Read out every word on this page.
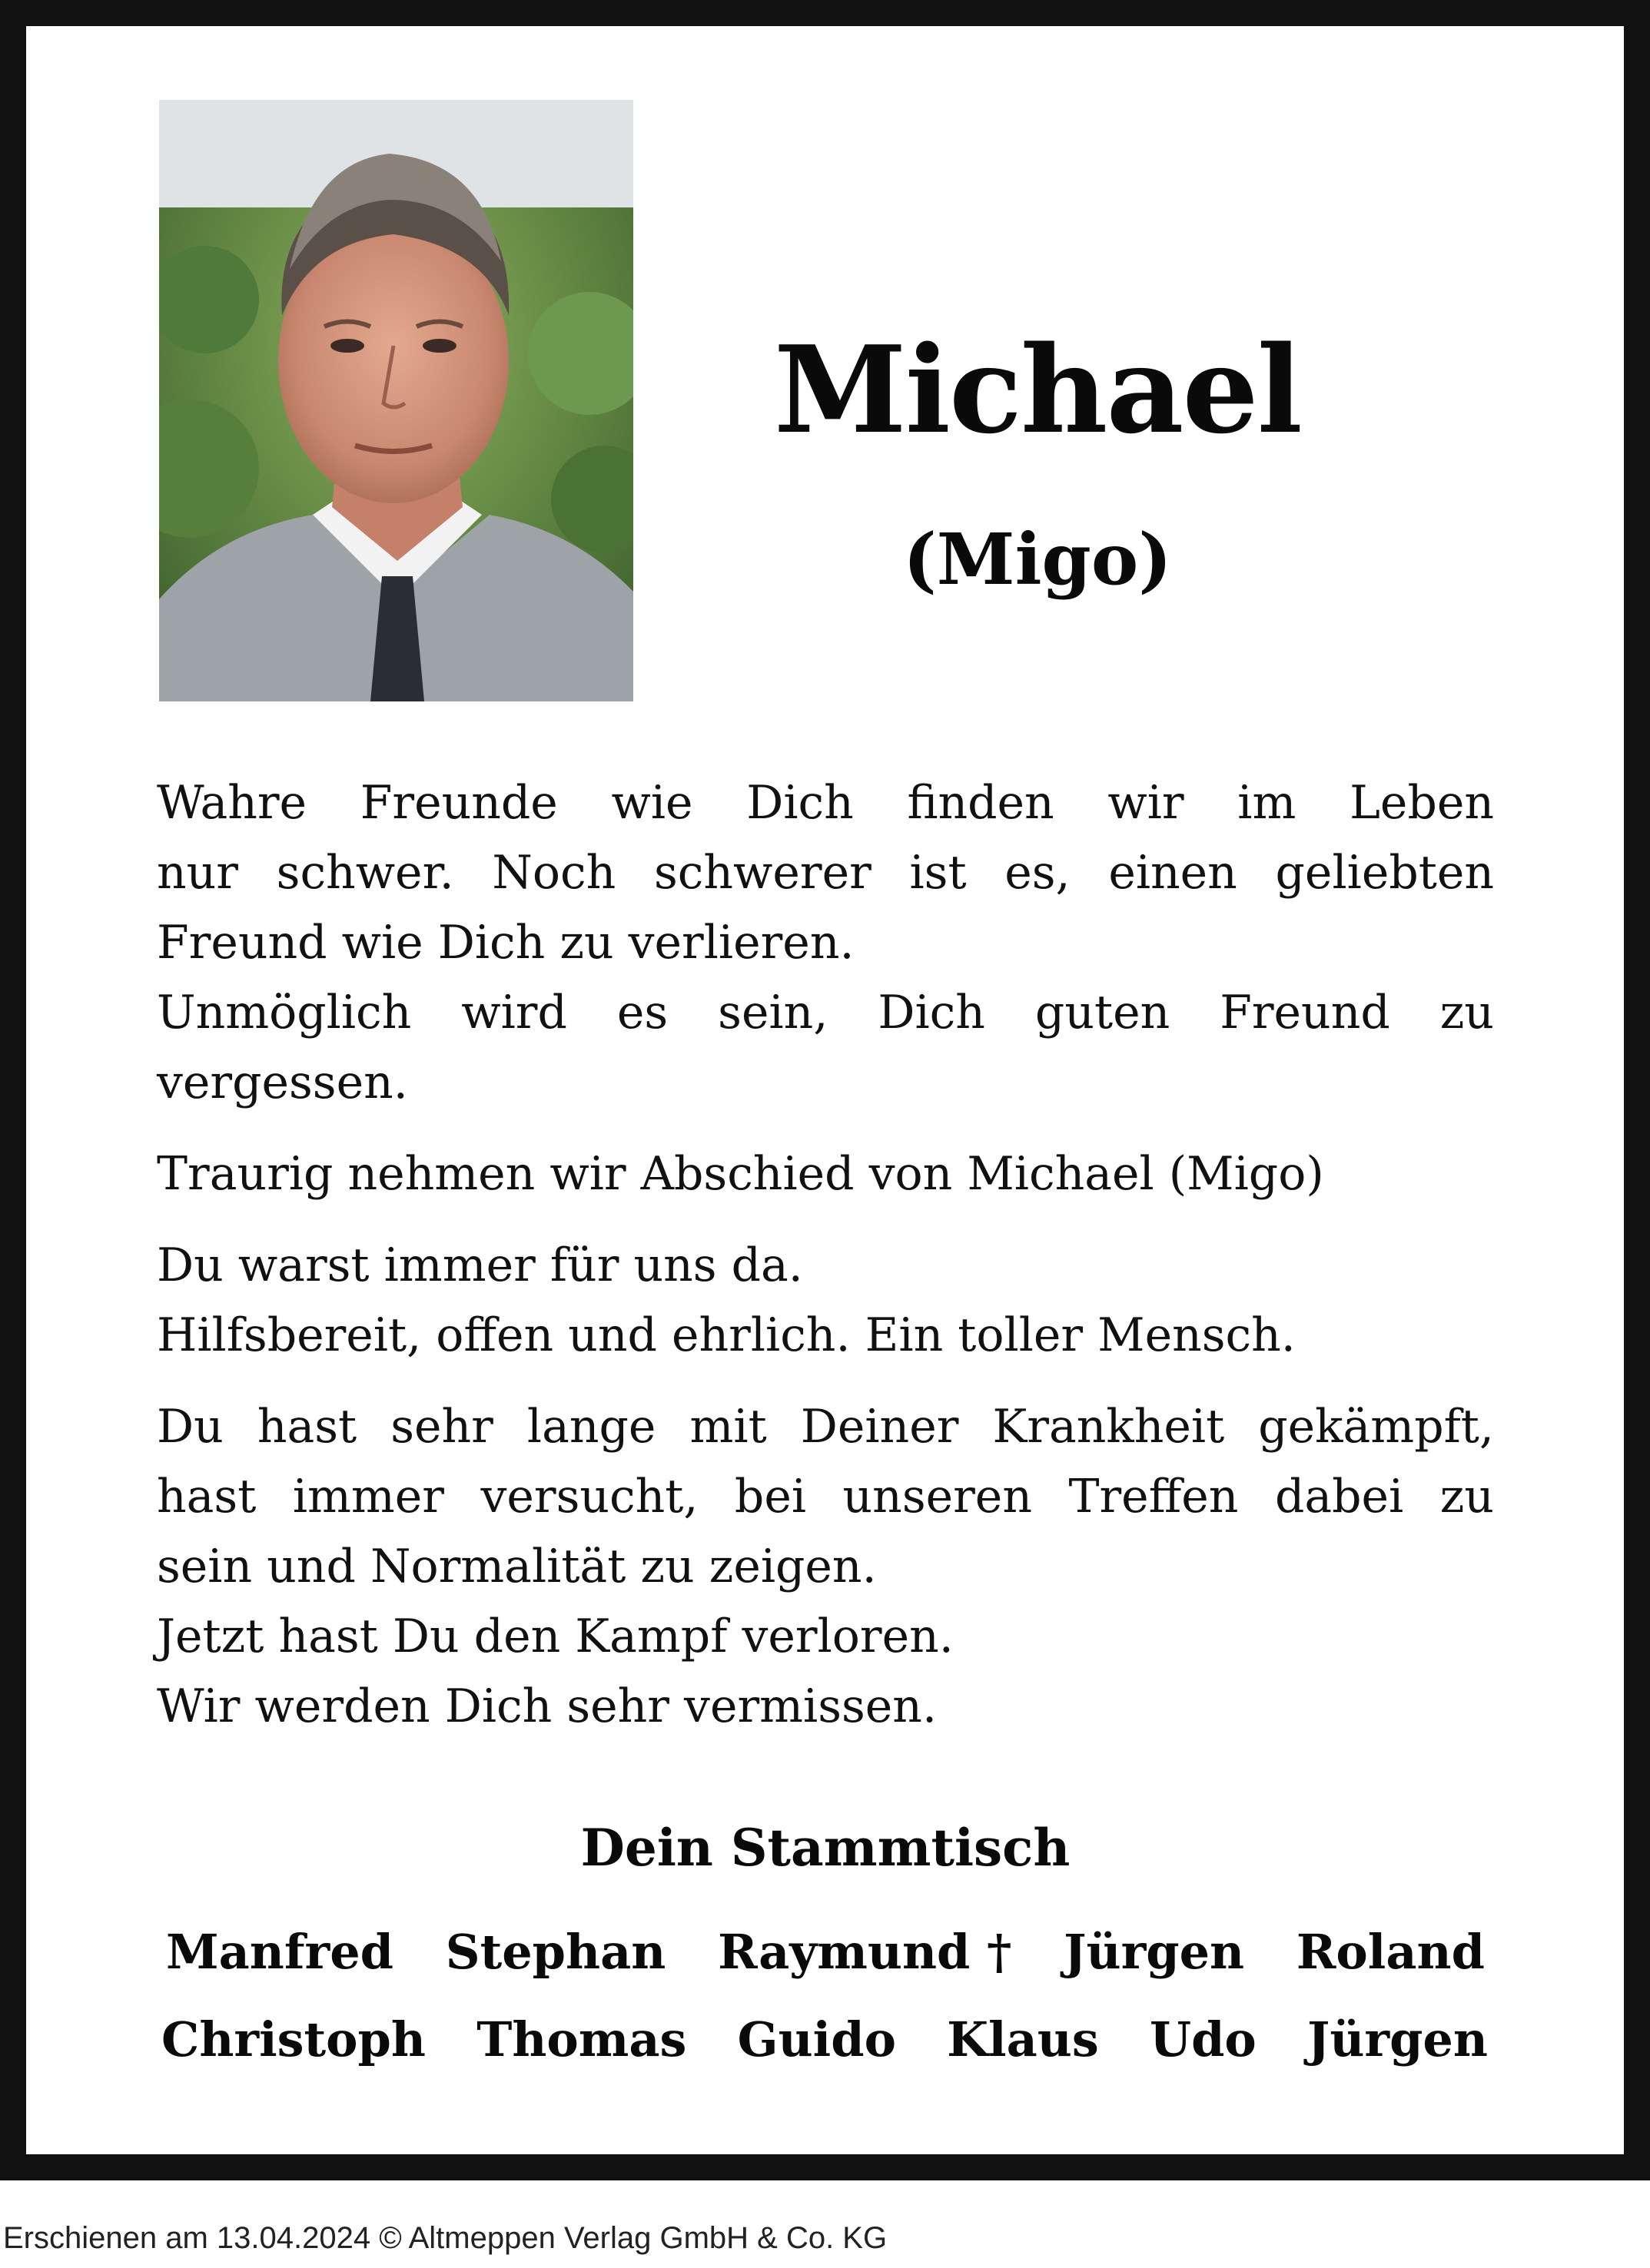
Michael
(Migo)
Wahre Freunde wie Dich finden wir im Leben
nur schwer. Noch schwerer ist es, einen geliebten
Freund wie Dich zu verlieren.
Unmöglich wird es sein, Dich guten Freund zu
vergessen.
Traurig nehmen wir Abschied von Michael (Migo)
Du warst immer für uns da.
Hilfsbereit, offen und ehrlich. Ein toller Mensch.
Du hast sehr lange mit Deiner Krankheit gekämpft,
hast immer versucht, bei unseren Treffen dabei zu
sein und Normalität zu zeigen.
Jetzt hast Du den Kampf verloren.
Wir werden Dich sehr vermissen.
Dein Stammtisch
Manfred Stephan Raymund † Jürgen Roland
Christoph Thomas Guido Klaus Udo Jürgen
Erschienen am 13.04.2024 © Altmeppen Verlag GmbH & Co. KG
